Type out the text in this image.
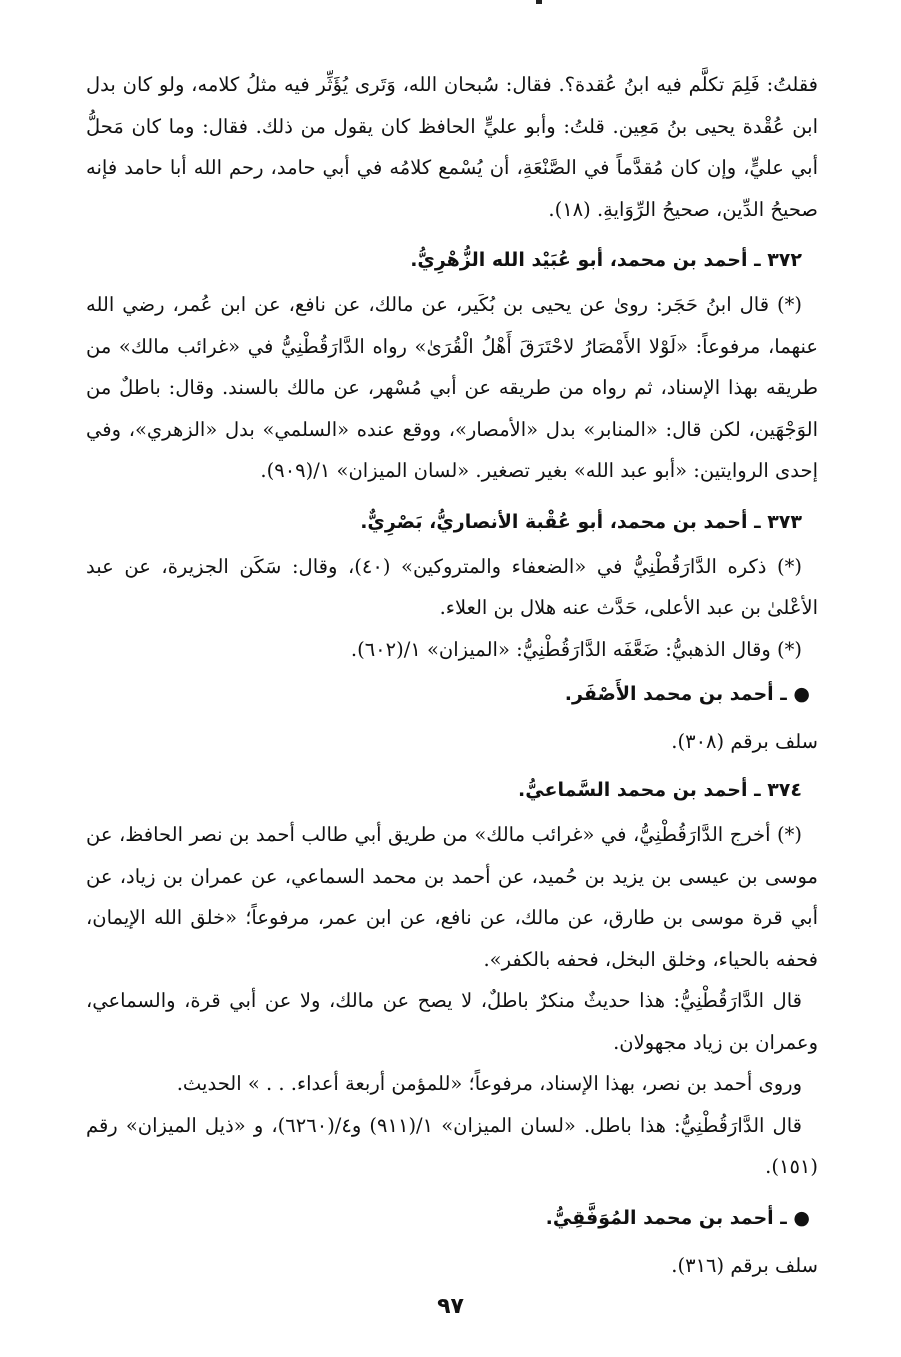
فقلتُ: فَلِمَ تكلَّم فيه ابنُ عُقدة؟. فقال: سُبحان الله، وَتَرى يُؤَثِّر فيه مثلُ كلامه، ولو كان بدل ابن عُقْدة يحيى بنُ مَعِين. قلتُ: وأبو عليٍّ الحافظ كان يقول من ذلك. فقال: وما كان مَحلُّ أبي عليٍّ، وإن كان مُقدَّماً في الصَّنْعَةِ، أن يُسْمع كلامُه في أبي حامد، رحم الله أبا حامد فإنه صحيحُ الدِّين، صحيحُ الرِّوَايةِ. (١٨).

٣٧٢ ـ أحمد بن محمد، أبو عُبَيْد الله الزُّهْرِيُّ.

(*) قال ابنُ حَجَر: روىٰ عن يحيى بن بُكَير، عن مالك، عن نافع، عن ابن عُمر، رضي الله عنهما، مرفوعاً: «لَوْلا الأَمْصَارُ لاحْتَرَقَ أَهْلُ الْقُرَىٰ» رواه الدَّارَقُطْنِيُّ في «غرائب مالك» من طريقه بهذا الإسناد، ثم رواه من طريقه عن أبي مُسْهر، عن مالك بالسند. وقال: باطلٌ من الوَجْهَين، لكن قال: «المنابر» بدل «الأمصار»، ووقع عنده «السلمي» بدل «الزهري»، وفي إحدى الروايتين: «أبو عبد الله» بغير تصغير. «لسان الميزان» ١/(٩٠٩).

٣٧٣ ـ أحمد بن محمد، أبو عُقْبة الأنصاريُّ، بَصْرِيٌّ.

(*) ذكره الدَّارَقُطْنِيُّ في «الضعفاء والمتروكين» (٤٠)، وقال: سَكَن الجزيرة، عن عبد الأعْلىٰ بن عبد الأعلى، حَدَّث عنه هلال بن العلاء.

(*) وقال الذهبيُّ: ضَعَّفَه الدَّارَقُطْنِيُّ: «الميزان» ١/(٦٠٢).

● ـ أحمد بن محمد الأَصْفَر.

سلف برقم (٣٠٨).

٣٧٤ ـ أحمد بن محمد السَّماعيُّ.

(*) أخرج الدَّارَقُطْنِيُّ، في «غرائب مالك» من طريق أبي طالب أحمد بن نصر الحافظ، عن موسى بن عيسى بن يزيد بن حُميد، عن أحمد بن محمد السماعي، عن عمران بن زياد، عن أبي قرة موسى بن طارق، عن مالك، عن نافع، عن ابن عمر، مرفوعاً؛ «خلق الله الإيمان، فحفه بالحياء، وخلق البخل، فحفه بالكفر».

قال الدَّارَقُطْنِيُّ: هذا حديثٌ منكرٌ باطلٌ، لا يصح عن مالك، ولا عن أبي قرة، والسماعي، وعمران بن زياد مجهولان.

وروى أحمد بن نصر، بهذا الإسناد، مرفوعاً؛ «للمؤمن أربعة أعداء. . . » الحديث.

قال الدَّارَقُطْنِيُّ: هذا باطل. «لسان الميزان» ١/(٩١١) و٤/(٦٢٦٠)، و «ذيل الميزان» رقم (١٥١).

● ـ أحمد بن محمد المُوَفَّقِيُّ.

سلف برقم (٣١٦).

٩٧
